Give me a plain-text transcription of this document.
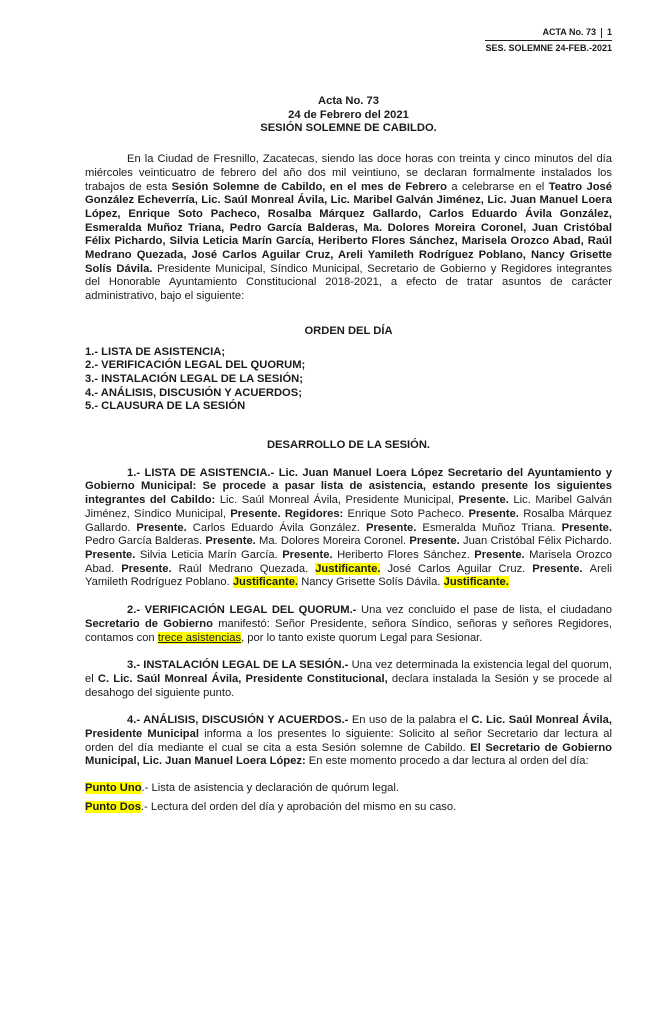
ACTA No. 73 1
SES. SOLEMNE 24-FEB.-2021
Acta No. 73
24 de Febrero del 2021
SESIÓN SOLEMNE DE CABILDO.

En la Ciudad de Fresnillo, Zacatecas, siendo las doce horas con treinta y cinco minutos del día miércoles veinticuatro de febrero del año dos mil veintiuno, se declaran formalmente instalados los trabajos de esta Sesión Solemne de Cabildo, en el mes de Febrero a celebrarse en el Teatro José González Echeverría, Lic. Saúl Monreal Ávila, Lic. Maribel Galván Jiménez, Lic. Juan Manuel Loera López, Enrique Soto Pacheco, Rosalba Márquez Gallardo, Carlos Eduardo Ávila González, Esmeralda Muñoz Triana, Pedro García Balderas, Ma. Dolores Moreira Coronel, Juan Cristóbal Félix Pichardo, Silvia Leticia Marín García, Heriberto Flores Sánchez, Marisela Orozco Abad, Raúl Medrano Quezada, José Carlos Aguilar Cruz, Areli Yamileth Rodríguez Poblano, Nancy Grisette Solís Dávila. Presidente Municipal, Síndico Municipal, Secretario de Gobierno y Regidores integrantes del Honorable Ayuntamiento Constitucional 2018-2021, a efecto de tratar asuntos de carácter administrativo, bajo el siguiente:

ORDEN DEL DÍA
1.- LISTA DE ASISTENCIA;
2.- VERIFICACIÓN LEGAL DEL QUORUM;
3.- INSTALACIÓN LEGAL DE LA SESIÓN;
4.- ANÁLISIS, DISCUSIÓN Y ACUERDOS;
5.- CLAUSURA DE LA SESIÓN
DESARROLLO DE LA SESIÓN.

1.- LISTA DE ASISTENCIA.- Lic. Juan Manuel Loera López Secretario del Ayuntamiento y Gobierno Municipal: Se procede a pasar lista de asistencia, estando presente los siguientes integrantes del Cabildo: Lic. Saúl Monreal Ávila, Presidente Municipal, Presente. Lic. Maribel Galván Jiménez, Síndico Municipal, Presente. Regidores: Enrique Soto Pacheco. Presente. Rosalba Márquez Gallardo. Presente. Carlos Eduardo Ávila González. Presente. Esmeralda Muñoz Triana. Presente. Pedro García Balderas. Presente. Ma. Dolores Moreira Coronel. Presente. Juan Cristóbal Félix Pichardo. Presente. Silvia Leticia Marín García. Presente. Heriberto Flores Sánchez. Presente. Marisela Orozco Abad. Presente. Raúl Medrano Quezada. Justificante. José Carlos Aguilar Cruz. Presente. Areli Yamileth Rodríguez Poblano. Justificante. Nancy Grisette Solís Dávila. Justificante.

2.- VERIFICACIÓN LEGAL DEL QUORUM.- Una vez concluido el pase de lista, el ciudadano Secretario de Gobierno manifestó: Señor Presidente, señora Síndico, señoras y señores Regidores, contamos con trece asistencias, por lo tanto existe quorum Legal para Sesionar.

3.- INSTALACIÓN LEGAL DE LA SESIÓN.- Una vez determinada la existencia legal del quorum, el C. Lic. Saúl Monreal Ávila, Presidente Constitucional, declara instalada la Sesión y se procede al desahogo del siguiente punto.

4.- ANÁLISIS, DISCUSIÓN Y ACUERDOS.- En uso de la palabra el C. Lic. Saúl Monreal Ávila, Presidente Municipal informa a los presentes lo siguiente: Solicito al señor Secretario dar lectura al orden del día mediante el cual se cita a esta Sesión solemne de Cabildo. El Secretario de Gobierno Municipal, Lic. Juan Manuel Loera López: En este momento procedo a dar lectura al orden del día:

Punto Uno.- Lista de asistencia y declaración de quórum legal.

Punto Dos.- Lectura del orden del día y aprobación del mismo en su caso.
